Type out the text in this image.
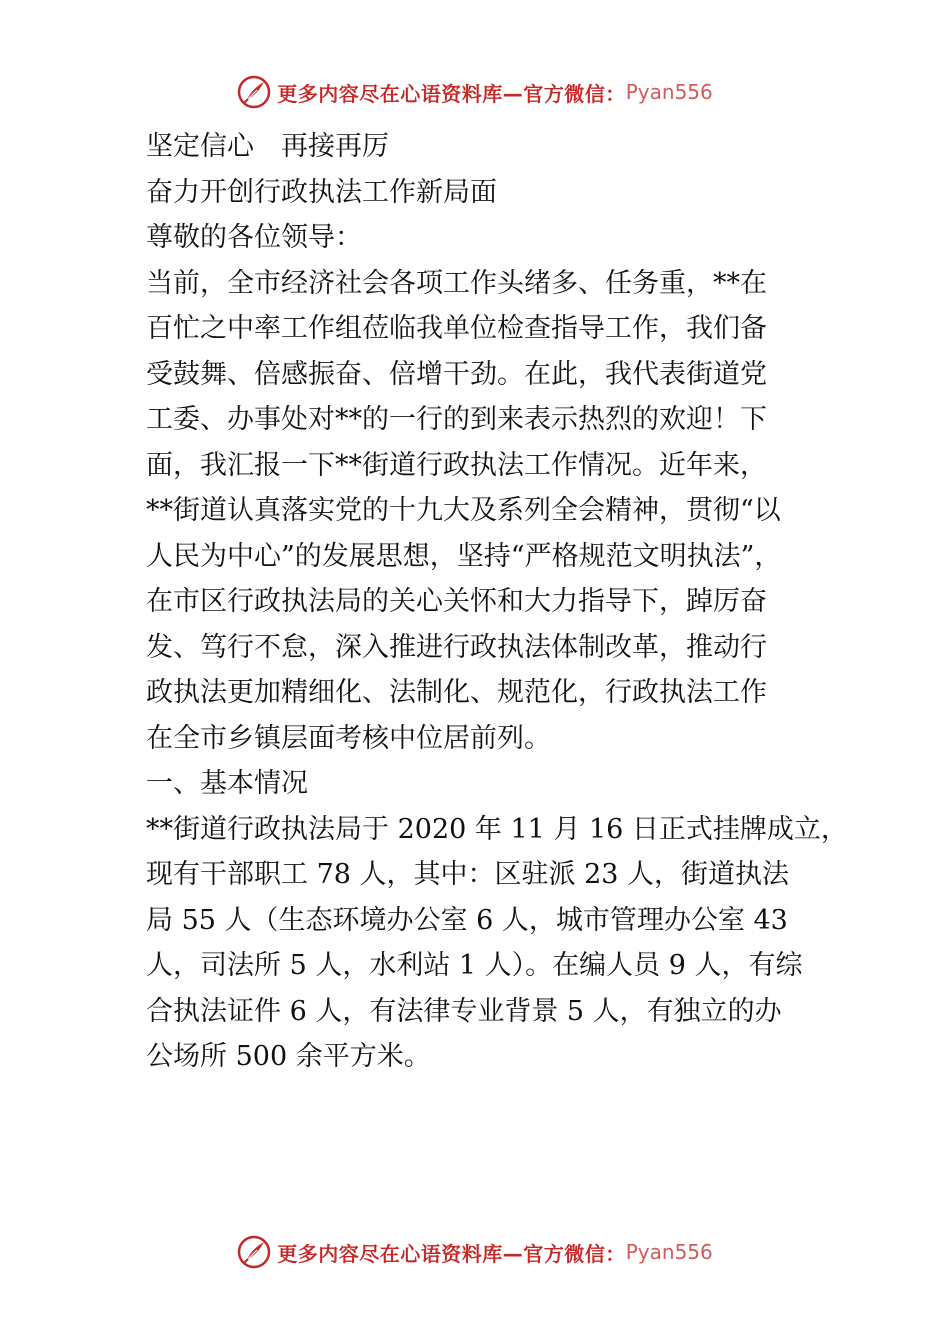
更多内容尽在心语资料库—官方微信： Pyan556
坚定信心　再接再厉
奋力开创行政执法工作新局面
尊敬的各位领导：
当前，全市经济社会各项工作头绪多、任务重，**在
百忙之中率工作组莅临我单位检查指导工作，我们备
受鼓舞、倍感振奋、倍增干劲。在此，我代表街道党
工委、办事处对**的一行的到来表示热烈的欢迎！下
面，我汇报一下**街道行政执法工作情况。近年来，
**街道认真落实党的十九大及系列全会精神，贯彻“以
人民为中心”的发展思想，坚持“严格规范文明执法”，
在市区行政执法局的关心关怀和大力指导下，踔厉奋
发、笃行不怠，深入推进行政执法体制改革，推动行
政执法更加精细化、法制化、规范化，行政执法工作
在全市乡镇层面考核中位居前列。
一、基本情况
**街道行政执法局于 2020 年 11 月 16 日正式挂牌成立，
现有干部职工 78 人，其中：区驻派 23 人，街道执法
局 55 人（生态环境办公室 6 人，城市管理办公室 43
人，司法所 5 人，水利站 1 人）。在编人员 9 人，有综
合执法证件 6 人，有法律专业背景 5 人，有独立的办
公场所 500 余平方米。
更多内容尽在心语资料库—官方微信： Pyan556
